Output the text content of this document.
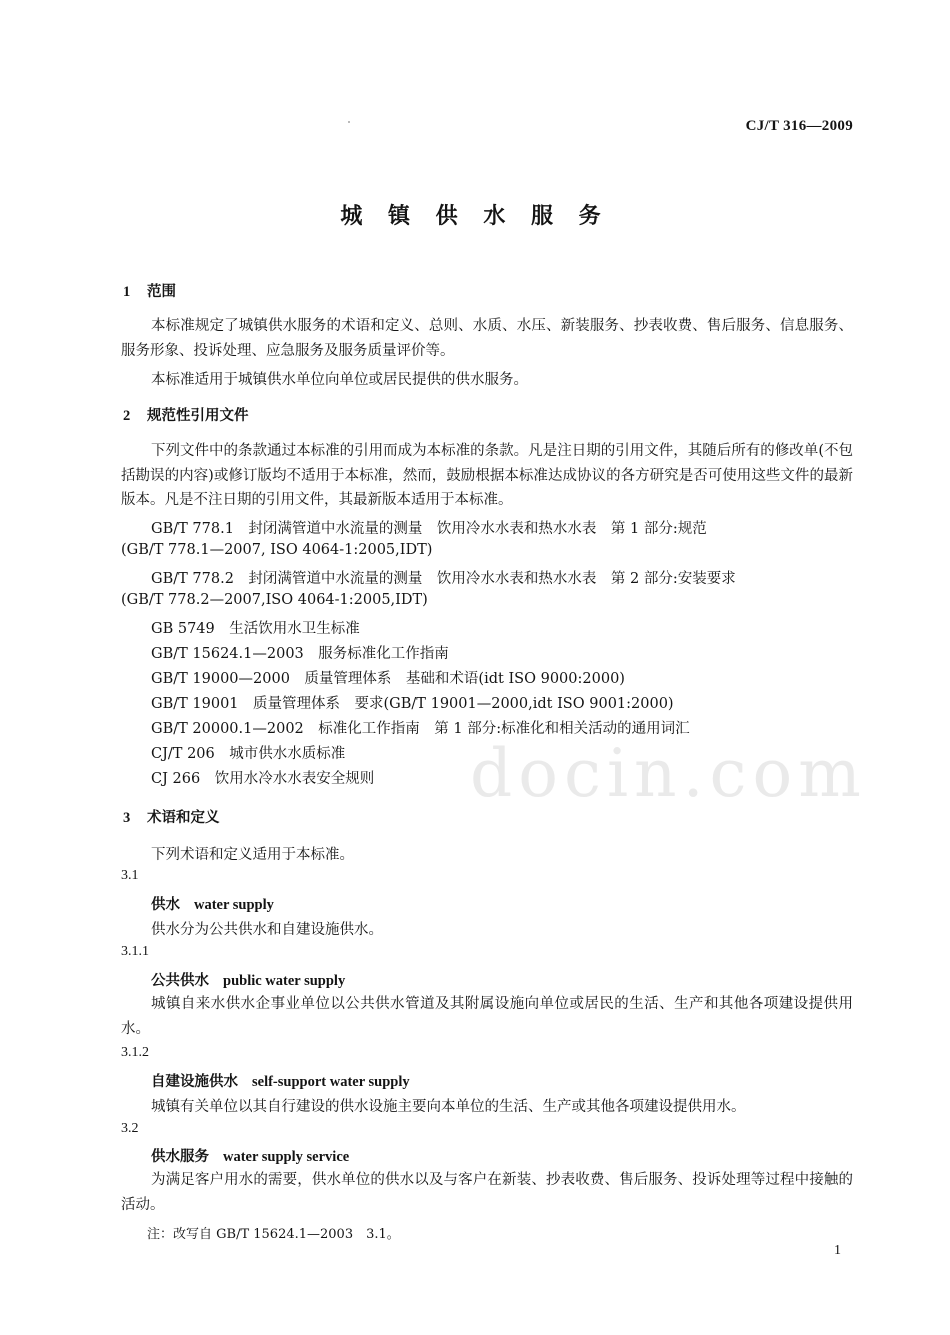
docin.com
CJ/T 316—2009
城 镇 供 水 服 务
1 范围
本标准规定了城镇供水服务的术语和定义、总则、水质、水压、新装服务、抄表收费、售后服务、信息服务、服务形象、投诉处理、应急服务及服务质量评价等。
本标准适用于城镇供水单位向单位或居民提供的供水服务。
2 规范性引用文件
下列文件中的条款通过本标准的引用而成为本标准的条款。凡是注日期的引用文件，其随后所有的修改单(不包括勘误的内容)或修订版均不适用于本标准，然而，鼓励根据本标准达成协议的各方研究是否可使用这些文件的最新版本。凡是不注日期的引用文件，其最新版本适用于本标准。
GB/T 778.1　封闭满管道中水流量的测量　饮用冷水水表和热水水表　第 1 部分:规范
(GB/T 778.1—2007, ISO 4064-1:2005,IDT)
GB/T 778.2　封闭满管道中水流量的测量　饮用冷水水表和热水水表　第 2 部分:安装要求
(GB/T 778.2—2007,ISO 4064-1:2005,IDT)
GB 5749　生活饮用水卫生标准
GB/T 15624.1—2003　服务标准化工作指南
GB/T 19000—2000　质量管理体系　基础和术语(idt ISO 9000:2000)
GB/T 19001　质量管理体系　要求(GB/T 19001—2000,idt ISO 9001:2000)
GB/T 20000.1—2002　标准化工作指南　第 1 部分:标准化和相关活动的通用词汇
CJ/T 206　城市供水水质标准
CJ 266　饮用水冷水水表安全规则
3 术语和定义
下列术语和定义适用于本标准。
3.1
供水 water supply
供水分为公共供水和自建设施供水。
3.1.1
公共供水 public water supply
城镇自来水供水企事业单位以公共供水管道及其附属设施向单位或居民的生活、生产和其他各项建设提供用水。
3.1.2
自建设施供水 self-support water supply
城镇有关单位以其自行建设的供水设施主要向本单位的生活、生产或其他各项建设提供用水。
3.2
供水服务 water supply service
为满足客户用水的需要，供水单位的供水以及与客户在新装、抄表收费、售后服务、投诉处理等过程中接触的活动。
注：改写自 GB/T 15624.1—2003　3.1。
1
